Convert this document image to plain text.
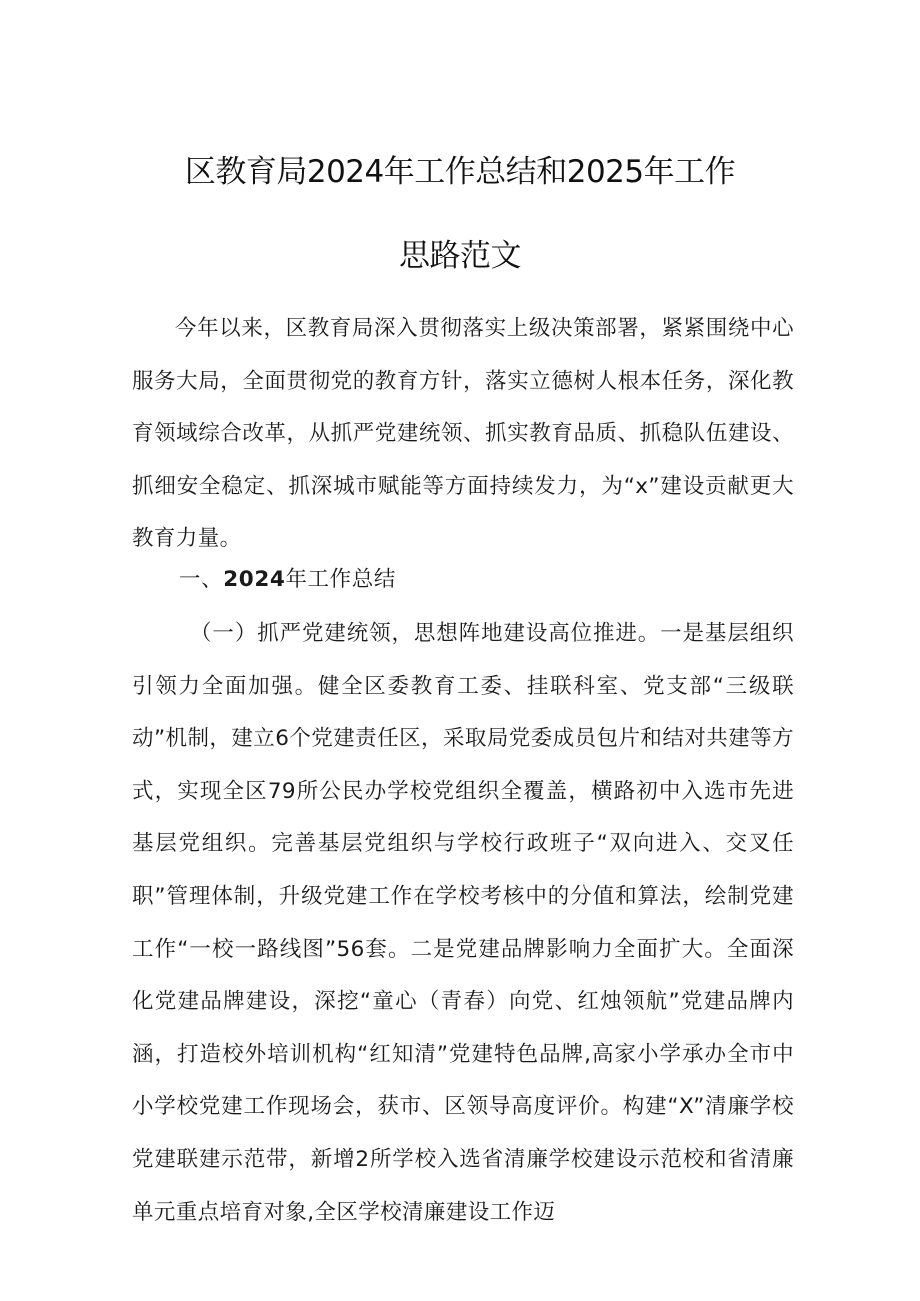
区教育局2024年工作总结和2025年工作
思路范文

今年以来，区教育局深入贯彻落实上级决策部署，紧紧围绕中心服务大局，全面贯彻党的教育方针，落实立德树人根本任务，深化教育领域综合改革，从抓严党建统领、抓实教育品质、抓稳队伍建设、抓细安全稳定、抓深城市赋能等方面持续发力，为“x”建设贡献更大教育力量。

一、2024年工作总结

（一）抓严党建统领，思想阵地建设高位推进。一是基层组织引领力全面加强。健全区委教育工委、挂联科室、党支部“三级联动”机制，建立6个党建责任区，采取局党委成员包片和结对共建等方式，实现全区79所公民办学校党组织全覆盖，横路初中入选市先进基层党组织。完善基层党组织与学校行政班子“双向进入、交叉任职”管理体制，升级党建工作在学校考核中的分值和算法，绘制党建工作“一校一路线图”56套。二是党建品牌影响力全面扩大。全面深化党建品牌建设，深挖“童心（青春）向党、红烛领航”党建品牌内涵，打造校外培训机构“红知清”党建特色品牌,高家小学承办全市中小学校党建工作现场会，获市、区领导高度评价。构建“X”清廉学校党建联建示范带，新增2所学校入选省清廉学校建设示范校和省清廉单元重点培育对象,全区学校清廉建设工作迈
